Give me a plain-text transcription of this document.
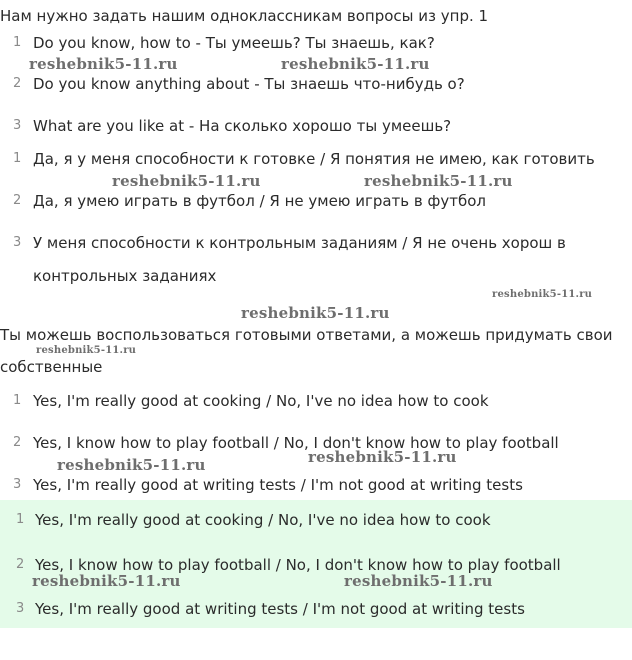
Нам нужно задать нашим одноклассникам вопросы из упр. 1
1 Do you know, how to - Ты умеешь? Ты знаешь, как?
2 Do you know anything about - Ты знаешь что-нибудь о?
3 What are you like at - На сколько хорошо ты умеешь?
1 Да, я у меня способности к готовке / Я понятия не имею, как готовить
2 Да, я умею играть в футбол / Я не умею играть в футбол
3 У меня способности к контрольным заданиям / Я не очень хорош в
контрольных заданиях
Ты можешь воспользоваться готовыми ответами, а можешь придумать свои
собственные
1 Yes, I'm really good at cooking / No, I've no idea how to cook
2 Yes, I know how to play football / No, I don't know how to play football
3 Yes, I'm really good at writing tests / I'm not good at writing tests
1 Yes, I'm really good at cooking / No, I've no idea how to cook
2 Yes, I know how to play football / No, I don't know how to play football
3 Yes, I'm really good at writing tests / I'm not good at writing tests
reshebnik5-11.ru	reshebnik5-11.ru
reshebnik5-11.ru	reshebnik5-11.ru
reshebnik5-11.ru
reshebnik5-11.ru
reshebnik5-11.ru
reshebnik5-11.ru	reshebnik5-11.ru
reshebnik5-11.ru	reshebnik5-11.ru
